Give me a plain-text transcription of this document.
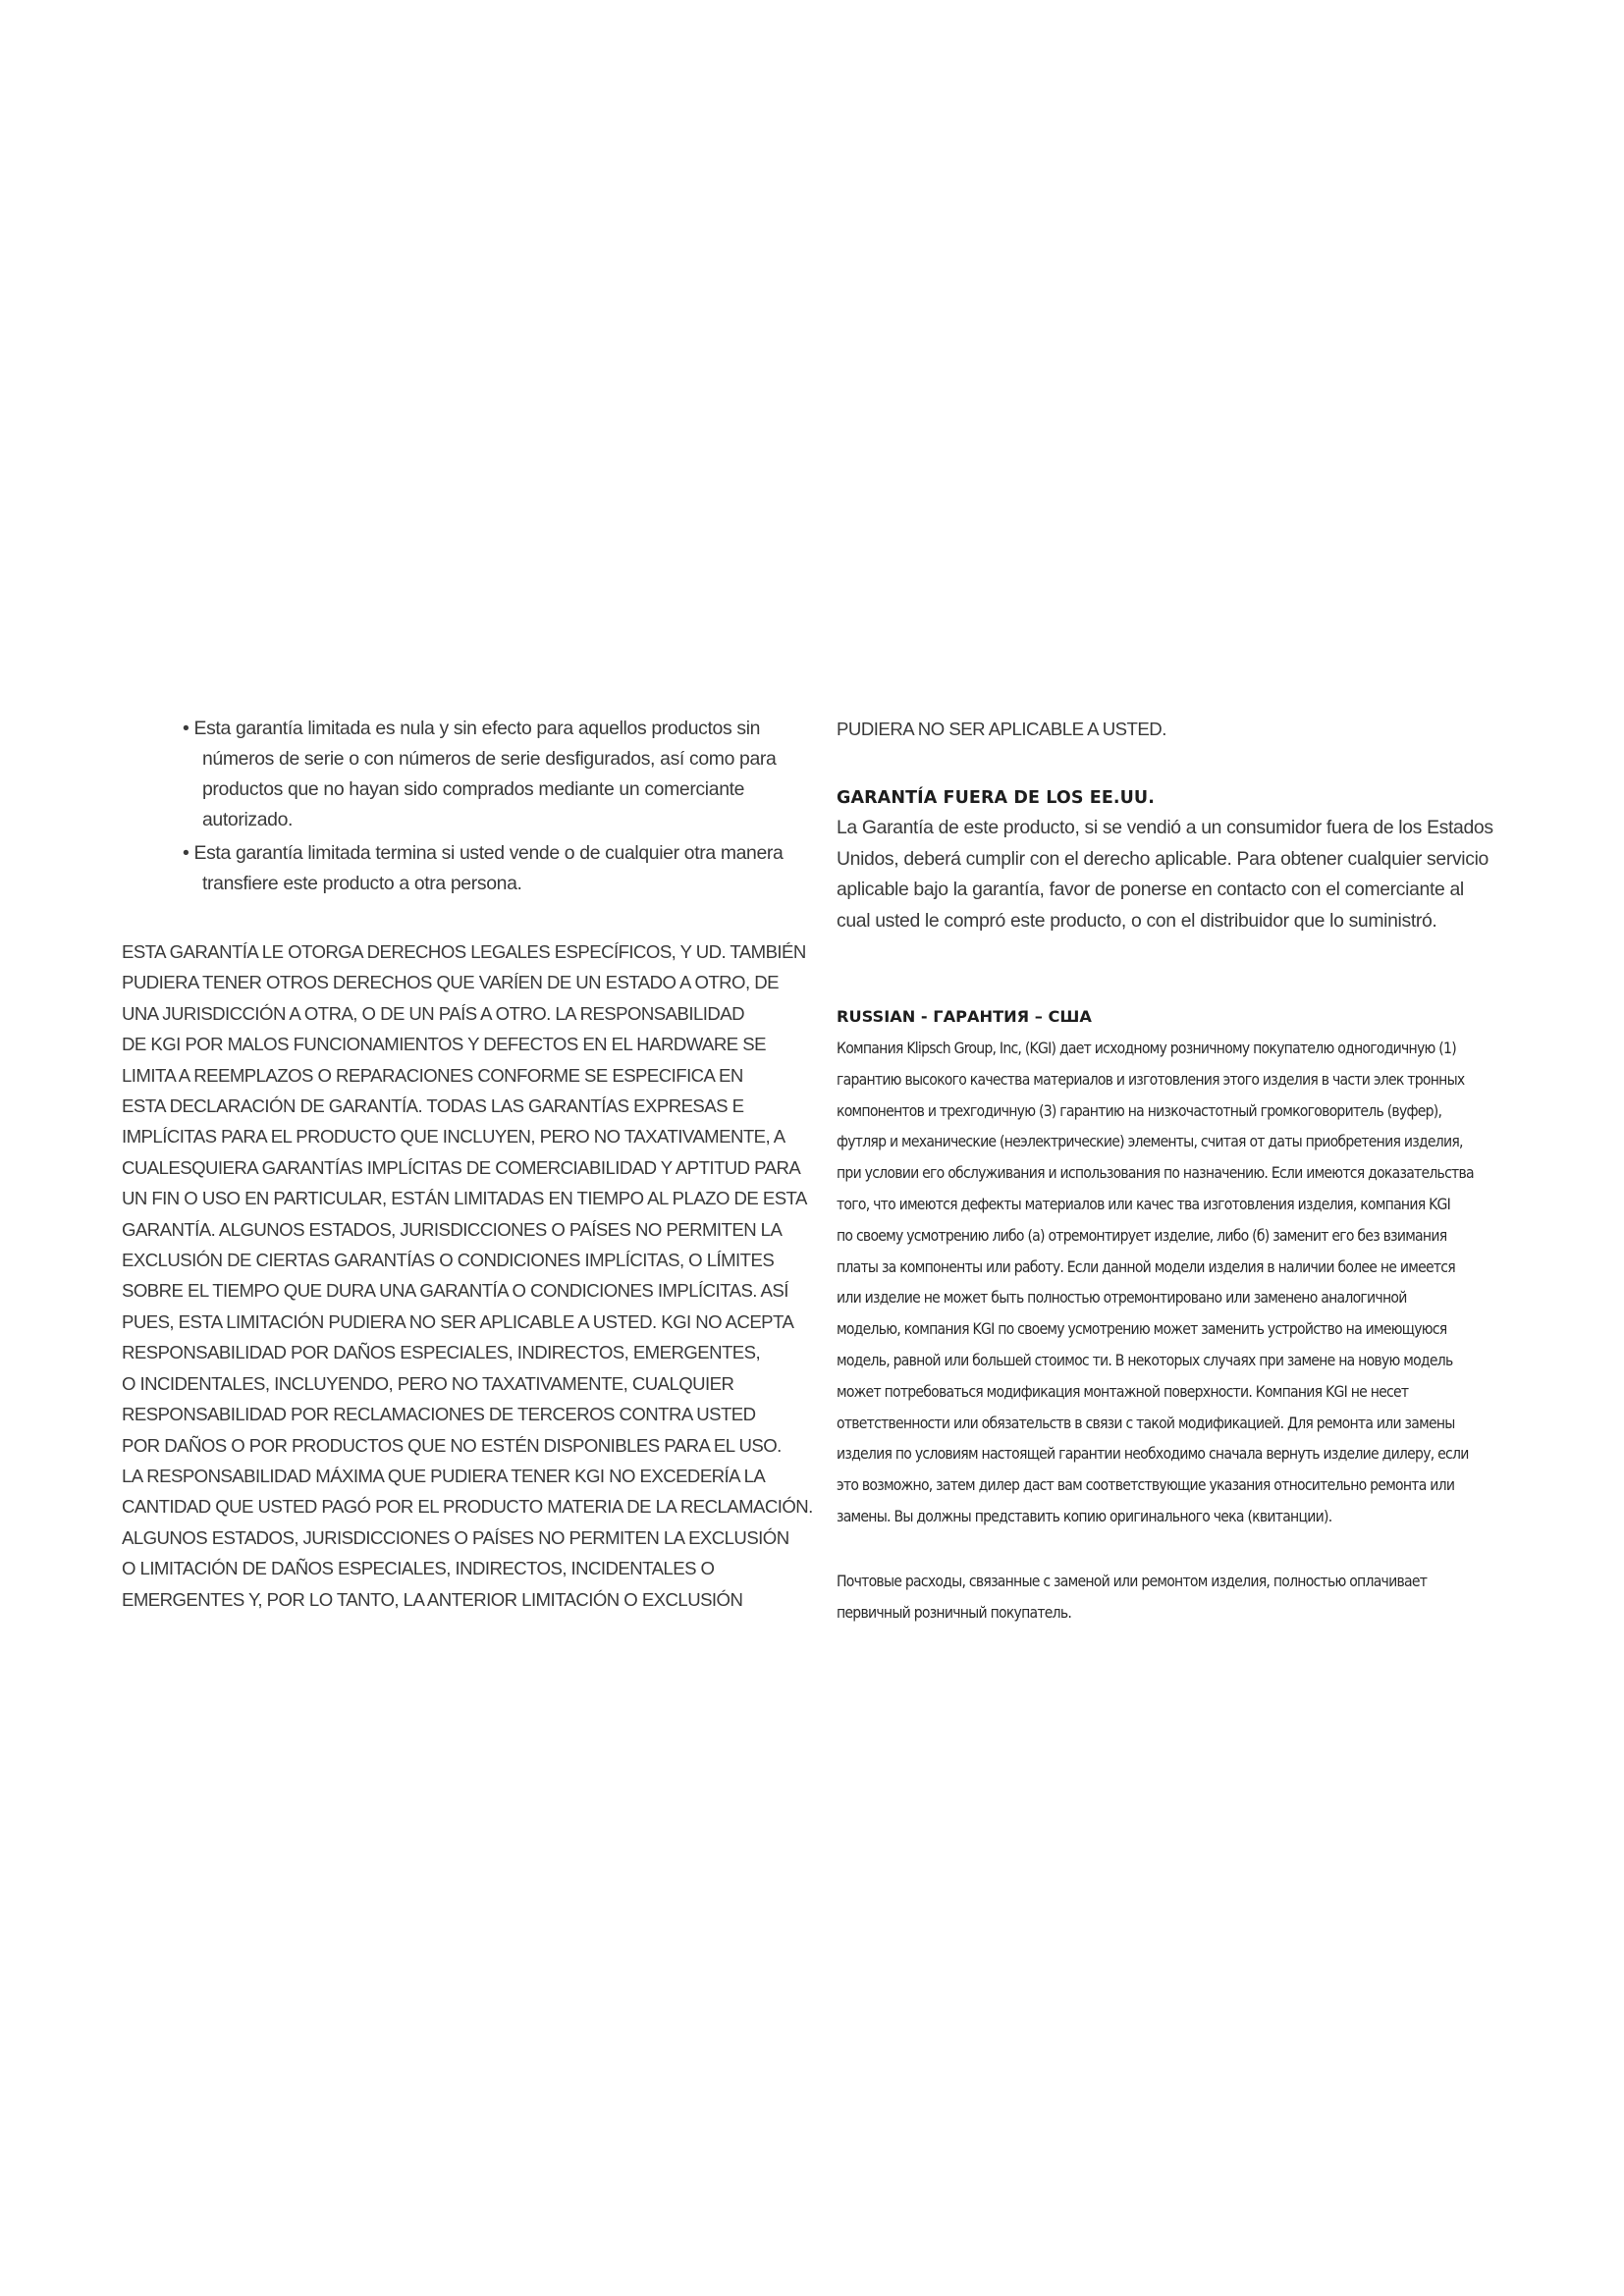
• Esta garantía limitada es nula y sin efecto para aquellos productos sin
números de serie o con números de serie desfigurados, así como para
productos que no hayan sido comprados mediante un comerciante
autorizado.
• Esta garantía limitada termina si usted vende o de cualquier otra manera
transfiere este producto a otra persona.

ESTA GARANTÍA LE OTORGA DERECHOS LEGALES ESPECÍFICOS, Y UD. TAMBIÉN
PUDIERA TENER OTROS DERECHOS QUE VARÍEN DE UN ESTADO A OTRO, DE
UNA JURISDICCIÓN A OTRA, O DE UN PAÍS A OTRO. LA RESPONSABILIDAD
DE KGI POR MALOS FUNCIONAMIENTOS Y DEFECTOS EN EL HARDWARE SE
LIMITA A REEMPLAZOS O REPARACIONES CONFORME SE ESPECIFICA EN
ESTA DECLARACIÓN DE GARANTÍA. TODAS LAS GARANTÍAS EXPRESAS E
IMPLÍCITAS PARA EL PRODUCTO QUE INCLUYEN, PERO NO TAXATIVAMENTE, A
CUALESQUIERA GARANTÍAS IMPLÍCITAS DE COMERCIABILIDAD Y APTITUD PARA
UN FIN O USO EN PARTICULAR, ESTÁN LIMITADAS EN TIEMPO AL PLAZO DE ESTA
GARANTÍA. ALGUNOS ESTADOS, JURISDICCIONES O PAÍSES NO PERMITEN LA
EXCLUSIÓN DE CIERTAS GARANTÍAS O CONDICIONES IMPLÍCITAS, O LÍMITES
SOBRE EL TIEMPO QUE DURA UNA GARANTÍA O CONDICIONES IMPLÍCITAS. ASÍ
PUES, ESTA LIMITACIÓN PUDIERA NO SER APLICABLE A USTED. KGI NO ACEPTA
RESPONSABILIDAD POR DAÑOS ESPECIALES, INDIRECTOS, EMERGENTES,
O INCIDENTALES, INCLUYENDO, PERO NO TAXATIVAMENTE, CUALQUIER
RESPONSABILIDAD POR RECLAMACIONES DE TERCEROS CONTRA USTED
POR DAÑOS O POR PRODUCTOS QUE NO ESTÉN DISPONIBLES PARA EL USO.
LA RESPONSABILIDAD MÁXIMA QUE PUDIERA TENER KGI NO EXCEDERÍA LA
CANTIDAD QUE USTED PAGÓ POR EL PRODUCTO MATERIA DE LA RECLAMACIÓN.
ALGUNOS ESTADOS, JURISDICCIONES O PAÍSES NO PERMITEN LA EXCLUSIÓN
O LIMITACIÓN DE DAÑOS ESPECIALES, INDIRECTOS, INCIDENTALES O
EMERGENTES Y, POR LO TANTO, LA ANTERIOR LIMITACIÓN O EXCLUSIÓN

PUDIERA NO SER APLICABLE A USTED.

GARANTÍA FUERA DE LOS EE.UU.

La Garantía de este producto, si se vendió a un consumidor fuera de los Estados
Unidos, deberá cumplir con el derecho aplicable. Para obtener cualquier servicio
aplicable bajo la garantía, favor de ponerse en contacto con el comerciante al
cual usted le compró este producto, o con el distribuidor que lo suministró.

RUSSIAN - ГАРАНТИЯ – США

Компания Klipsch Group, Inc, (KGI) дает исходному розничному покупателю одногодичную (1)
гарантию высокого качества материалов и изготовления этого изделия в части элек тронных
компонентов и трехгодичную (3) гарантию на низкочастотный громкоговоритель (вуфер),
футляр и механические (неэлектрические) элементы, считая от даты приобретения изделия,
при условии его обслуживания и использования по назначению. Если имеются доказательства
того, что имеются дефекты материалов или качес тва изготовления изделия, компания KGI
по своему усмотрению либо (а) отремонтирует изделие, либо (б) заменит его без взимания
платы за компоненты или работу. Если данной модели изделия в наличии более не имеется
или изделие не может быть полностью отремонтировано или заменено аналогичной
моделью, компания KGI по своему усмотрению может заменить устройство на имеющуюся
модель, равной или большей стоимос ти. В некоторых случаях при замене на новую модель
может потребоваться модификация монтажной поверхности. Компания KGI не несет
ответственности или обязательств в связи с такой модификацией. Для ремонта или замены
изделия по условиям настоящей гарантии необходимо сначала вернуть изделие дилеру, если
это возможно, затем дилер даст вам соответствующие указания относительно ремонта или
замены. Вы должны представить копию оригинального чека (квитанции).

Почтовые расходы, связанные с заменой или ремонтом изделия, полностью оплачивает
первичный розничный покупатель.
